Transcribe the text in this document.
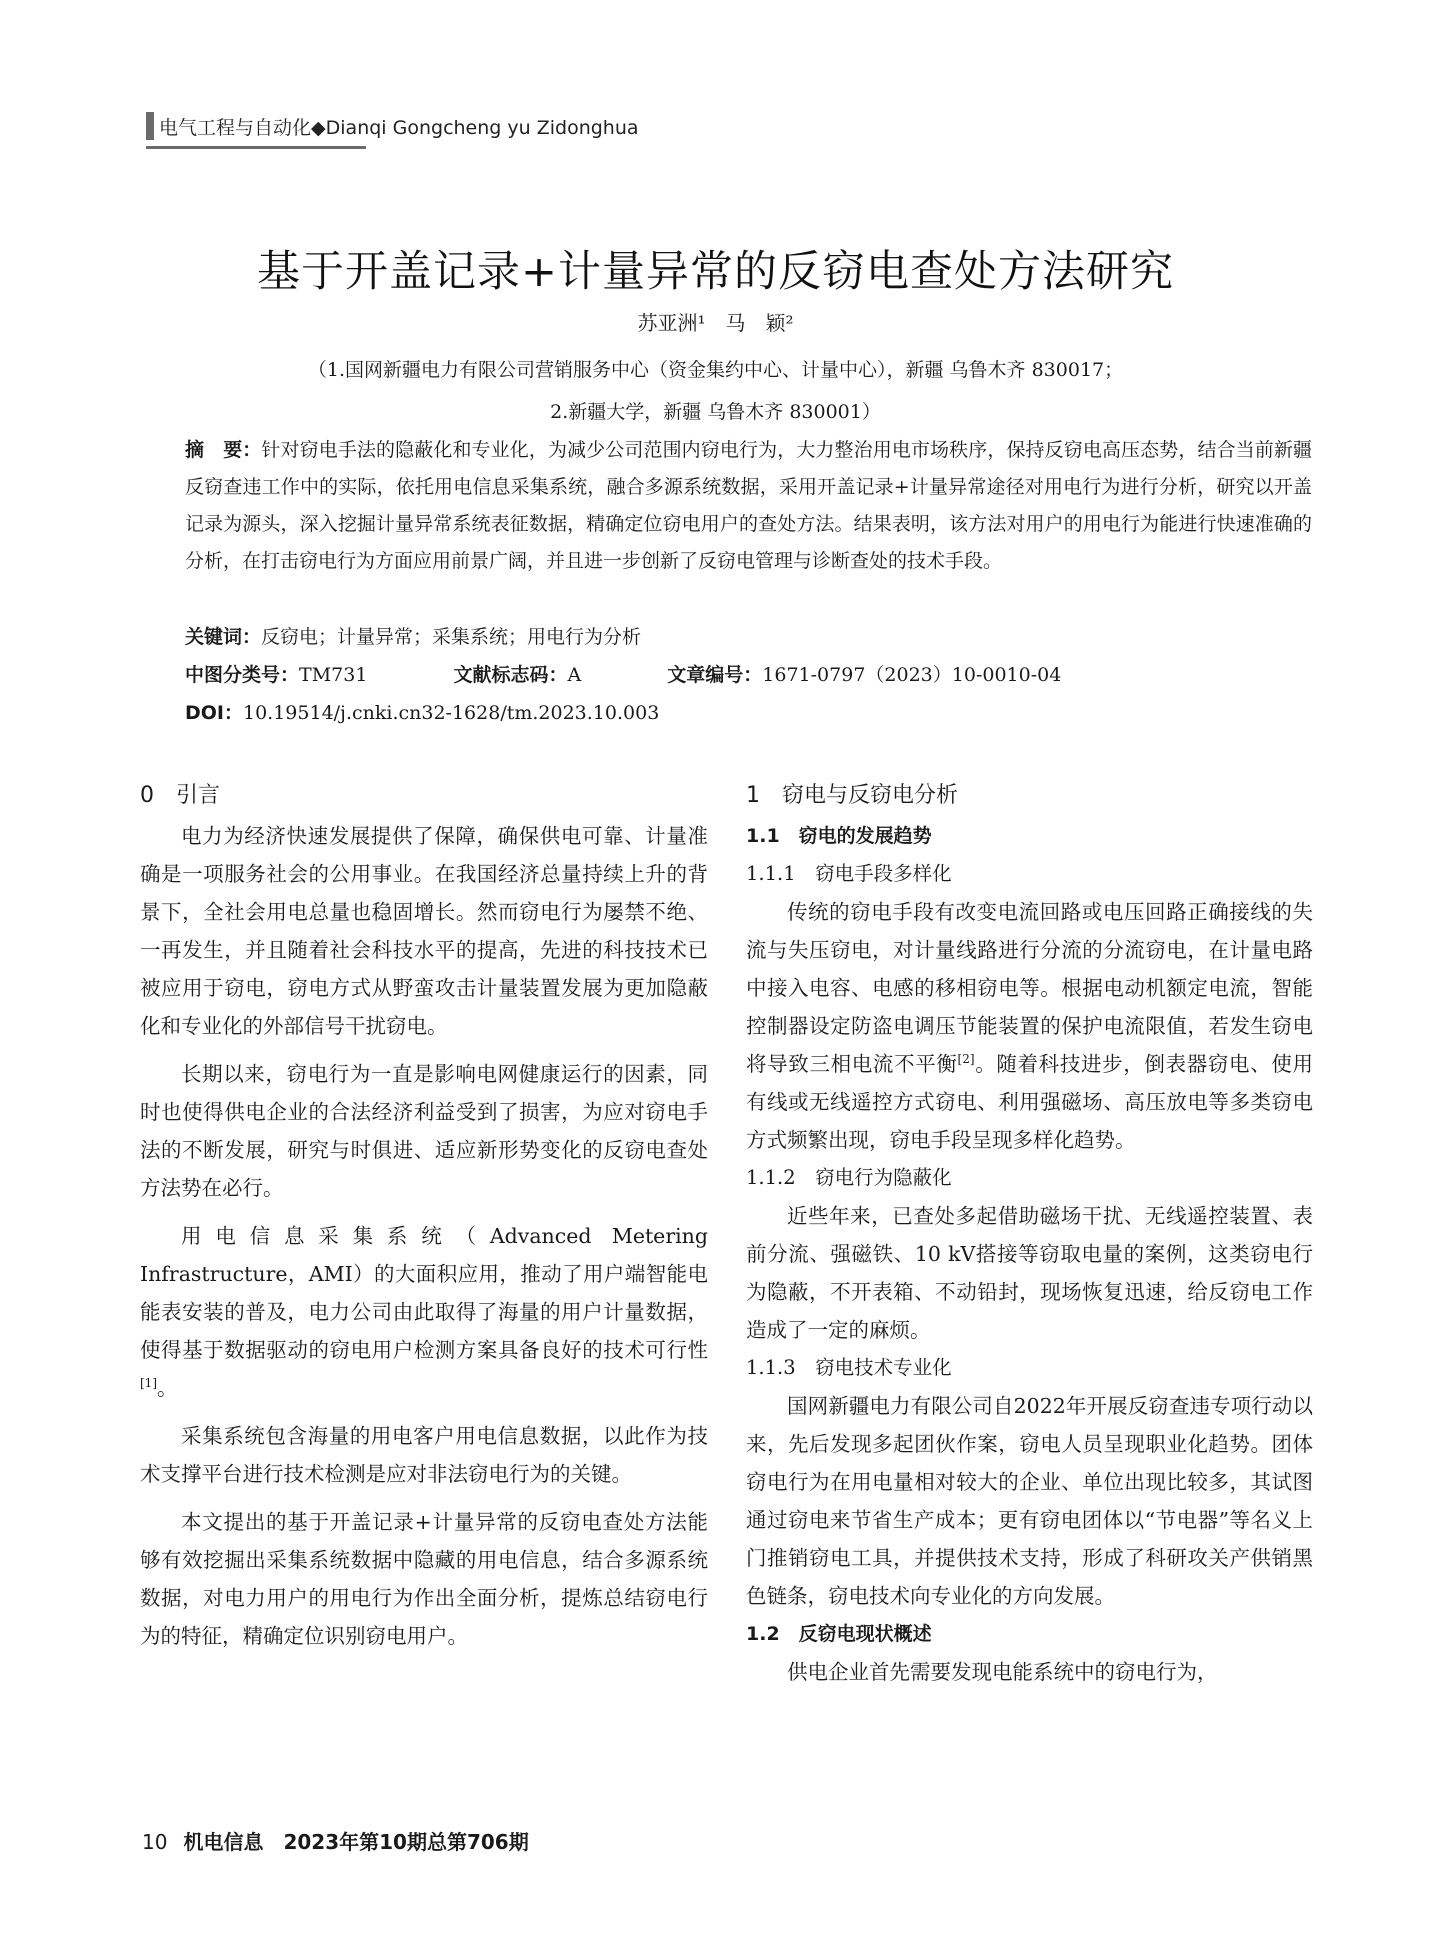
电气工程与自动化◆Dianqi Gongcheng yu Zidonghua
基于开盖记录+计量异常的反窃电查处方法研究
苏亚洲¹　马　颖²
（1.国网新疆电力有限公司营销服务中心（资金集约中心、计量中心），新疆 乌鲁木齐 830017；
2.新疆大学，新疆 乌鲁木齐 830001）
摘　要：针对窃电手法的隐蔽化和专业化，为减少公司范围内窃电行为，大力整治用电市场秩序，保持反窃电高压态势，结合当前新疆反窃查违工作中的实际，依托用电信息采集系统，融合多源系统数据，采用开盖记录+计量异常途径对用电行为进行分析，研究以开盖记录为源头，深入挖掘计量异常系统表征数据，精确定位窃电用户的查处方法。结果表明，该方法对用户的用电行为能进行快速准确的分析，在打击窃电行为方面应用前景广阔，并且进一步创新了反窃电管理与诊断查处的技术手段。
关键词：反窃电；计量异常；采集系统；用电行为分析
中图分类号：TM731	文献标志码：A	文章编号：1671-0797（2023）10-0010-04
DOI：10.19514/j.cnki.cn32-1628/tm.2023.10.003
0　引言

电力为经济快速发展提供了保障，确保供电可靠、计量准确是一项服务社会的公用事业。在我国经济总量持续上升的背景下，全社会用电总量也稳固增长。然而窃电行为屡禁不绝、一再发生，并且随着社会科技水平的提高，先进的科技技术已被应用于窃电，窃电方式从野蛮攻击计量装置发展为更加隐蔽化和专业化的外部信号干扰窃电。

长期以来，窃电行为一直是影响电网健康运行的因素，同时也使得供电企业的合法经济利益受到了损害，为应对窃电手法的不断发展，研究与时俱进、适应新形势变化的反窃电查处方法势在必行。

用电信息采集系统（Advanced Metering Infrastructure，AMI）的大面积应用，推动了用户端智能电能表安装的普及，电力公司由此取得了海量的用户计量数据，使得基于数据驱动的窃电用户检测方案具备良好的技术可行性[1]。

采集系统包含海量的用电客户用电信息数据，以此作为技术支撑平台进行技术检测是应对非法窃电行为的关键。

本文提出的基于开盖记录+计量异常的反窃电查处方法能够有效挖掘出采集系统数据中隐藏的用电信息，结合多源系统数据，对电力用户的用电行为作出全面分析，提炼总结窃电行为的特征，精确定位识别窃电用户。

1　窃电与反窃电分析
1.1　窃电的发展趋势
1.1.1　窃电手段多样化

传统的窃电手段有改变电流回路或电压回路正确接线的失流与失压窃电，对计量线路进行分流的分流窃电，在计量电路中接入电容、电感的移相窃电等。根据电动机额定电流，智能控制器设定防盗电调压节能装置的保护电流限值，若发生窃电将导致三相电流不平衡[2]。随着科技进步，倒表器窃电、使用有线或无线遥控方式窃电、利用强磁场、高压放电等多类窃电方式频繁出现，窃电手段呈现多样化趋势。

1.1.2　窃电行为隐蔽化

近些年来，已查处多起借助磁场干扰、无线遥控装置、表前分流、强磁铁、10 kV搭接等窃取电量的案例，这类窃电行为隐蔽，不开表箱、不动铅封，现场恢复迅速，给反窃电工作造成了一定的麻烦。

1.1.3　窃电技术专业化

国网新疆电力有限公司自2022年开展反窃查违专项行动以来，先后发现多起团伙作案，窃电人员呈现职业化趋势。团体窃电行为在用电量相对较大的企业、单位出现比较多，其试图通过窃电来节省生产成本；更有窃电团体以“节电器”等名义上门推销窃电工具，并提供技术支持，形成了科研攻关产供销黑色链条，窃电技术向专业化的方向发展。

1.2　反窃电现状概述

供电企业首先需要发现电能系统中的窃电行为，

10 机电信息　2023年第10期总第706期
